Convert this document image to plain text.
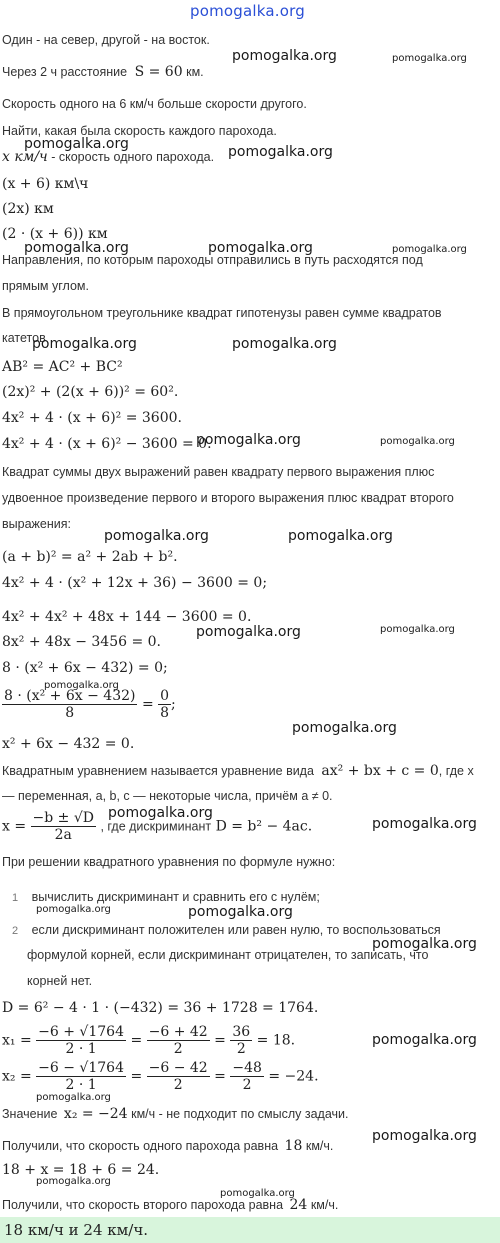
pomogalka.org
Один - на север, другой - на восток.
Через 2 ч расстояние S = 60 км.
Скорость одного на 6 км/ч больше скорости другого.
Найти, какая была скорость каждого парохода.
x км/ч - скорость одного парохода.
(x + 6) км\ч
(2x) км
(2 · (x + 6)) км
Направления, по которым пароходы отправились в путь расходятся под
прямым углом.
В прямоугольном треугольнике квадрат гипотенузы равен сумме квадратов
катетов
AB² = AC² + BC²
(2x)² + (2(x + 6))² = 60².
4x² + 4 · (x + 6)² = 3600.
4x² + 4 · (x + 6)² − 3600 = 0.
Квадрат суммы двух выражений равен квадрату первого выражения плюс
удвоенное произведение первого и второго выражения плюс квадрат второго
выражения:
(a + b)² = a² + 2ab + b².
4x² + 4 · (x² + 12x + 36) − 3600 = 0;
4x² + 4x² + 48x + 144 − 3600 = 0.
8x² + 48x − 3456 = 0.
8 · (x² + 6x − 432) = 0;
$\frac{\text{8 · (x² + 6x − 432)}}{8} = \frac{0}{8}$ ;
x² + 6x − 432 = 0.
Квадратным уравнением называется уравнение вида ax² + bx + c = 0, где x
— переменная, a, b, c — некоторые числа, причём a ≠ 0.
$x = \frac{-b \pm √D}{2a}$ , где дискриминант D = b² − 4ac.
При решении квадратного уравнения по формуле нужно:
1 вычислить дискриминант и сравнить его с нулём;
2 если дискриминант положителен или равен нулю, то воспользоваться
формулой корней, если дискриминант отрицателен, то записать, что
корней нет.
D = 6² − 4 · 1 · (−432) = 36 + 1728 = 1764.
$x_1 = \frac{-6 + √1764}{2 \cdot 1} = \frac{-6 + 42}{2} = \frac{36}{2} = 18$.
$x_2 = \frac{-6 - √1764}{2 \cdot 1} = \frac{-6 - 42}{2} = \frac{-48}{2} = -24$.
Значение x₂ = −24 км/ч - не подходит по смыслу задачи.
Получили, что скорость одного парохода равна 18 км/ч.
18 + x = 18 + 6 = 24.
Получили, что скорость второго парохода равна 24 км/ч.
18 км/ч и 24 км/ч.
pomogalka.org	pomogalka.org
pomogalka.org	pomogalka.org
pomogalka.org	pomogalka.org	pomogalka.org
pomogalka.org	pomogalka.org
pomogalka.org	pomogalka.org
pomogalka.org	pomogalka.org
pomogalka.org	pomogalka.org
pomogalka.org
pomogalka.org
pomogalka.org
pomogalka.org
pomogalka.org	pomogalka.org
pomogalka.org
pomogalka.org
pomogalka.org
pomogalka.org
pomogalka.org
pomogalka.org
